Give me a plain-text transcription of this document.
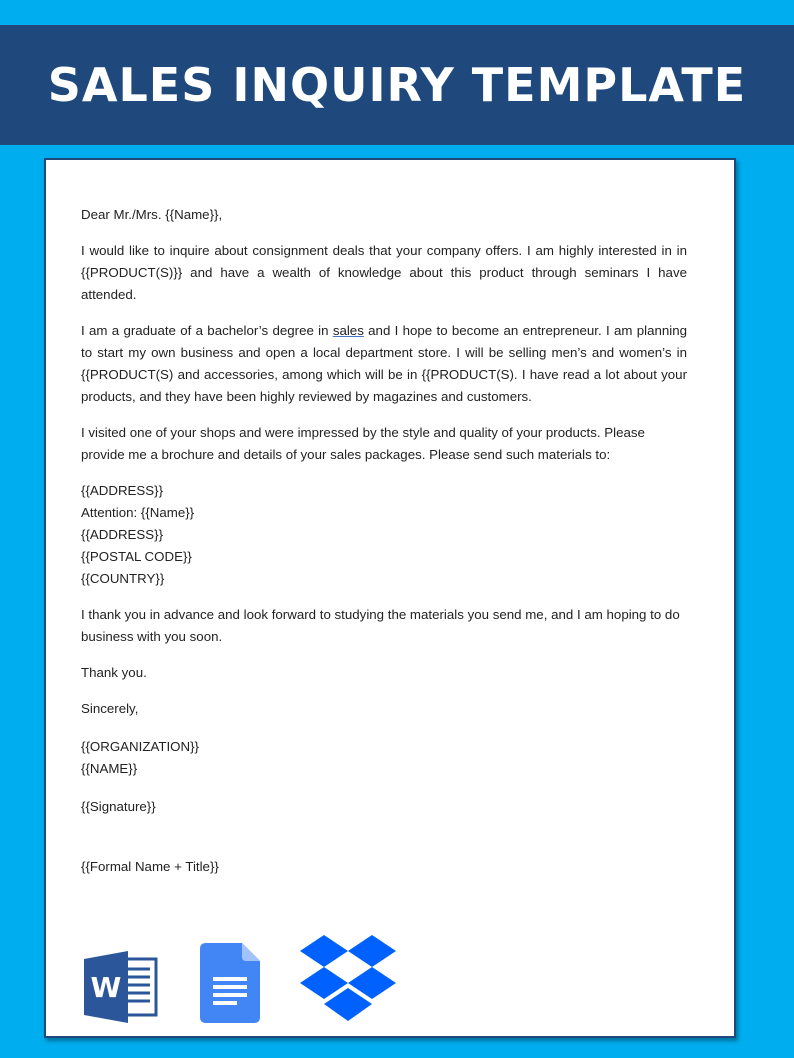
SALES INQUIRY TEMPLATE

Dear Mr./Mrs. {{Name}},

I would like to inquire about consignment deals that your company offers. I am highly interested in in {{PRODUCT(S)}} and have a wealth of knowledge about this product through seminars I have attended.

I am a graduate of a bachelor’s degree in sales and I hope to become an entrepreneur. I am planning to start my own business and open a local department store. I will be selling men’s and women’s in {{PRODUCT(S) and accessories, among which will be in {{PRODUCT(S). I have read a lot about your products, and they have been highly reviewed by magazines and customers.

I visited one of your shops and were impressed by the style and quality of your products. Please provide me a brochure and details of your sales packages. Please send such materials to:

{{ADDRESS}}
Attention: {{Name}}
{{ADDRESS}}
{{POSTAL CODE}}
{{COUNTRY}}

I thank you in advance and look forward to studying the materials you send me, and I am hoping to do business with you soon.

Thank you.

Sincerely,

{{ORGANIZATION}}
{{NAME}}
{{Signature}}
{{Formal Name + Title}}
W
